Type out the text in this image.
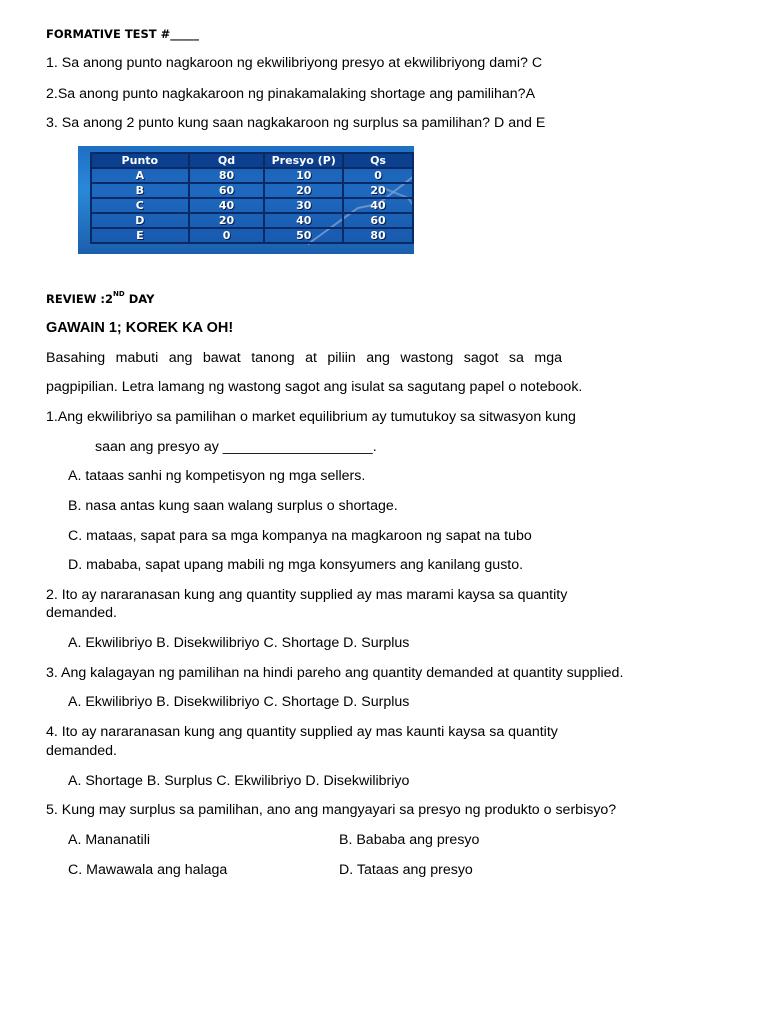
FORMATIVE TEST #_____
1. Sa anong punto nagkaroon ng ekwilibriyong presyo at ekwilibriyong dami? C
2.Sa anong punto nagkakaroon ng pinakamalaking shortage ang pamilihan?A
3. Sa anong 2 punto kung saan nagkakaroon ng surplus sa pamilihan? D and E
Punto	Qd	Presyo (P)	Qs
A	80	10	0
B	60	20	20
C	40	30	40
D	20	40	60
E	0	50	80
REVIEW :2ND DAY
GAWAIN 1; KOREK KA OH!
Basahing mabuti ang bawat tanong at piliin ang wastong sagot sa mga
pagpipilian. Letra lamang ng wastong sagot ang isulat sa sagutang papel o notebook.
1.Ang ekwilibriyo sa pamilihan o market equilibrium ay tumutukoy sa sitwasyon kung
saan ang presyo ay ___________________.
A. tataas sanhi ng kompetisyon ng mga sellers.
B. nasa antas kung saan walang surplus o shortage.
C. mataas, sapat para sa mga kompanya na magkaroon ng sapat na tubo
D. mababa, sapat upang mabili ng mga konsyumers ang kanilang gusto.
2. Ito ay nararanasan kung ang quantity supplied ay mas marami kaysa sa quantity
demanded.
A. Ekwilibriyo B. Disekwilibriyo C. Shortage D. Surplus
3. Ang kalagayan ng pamilihan na hindi pareho ang quantity demanded at quantity supplied.
A. Ekwilibriyo B. Disekwilibriyo C. Shortage D. Surplus
4. Ito ay nararanasan kung ang quantity supplied ay mas kaunti kaysa sa quantity
demanded.
A. Shortage B. Surplus C. Ekwilibriyo D. Disekwilibriyo
5. Kung may surplus sa pamilihan, ano ang mangyayari sa presyo ng produkto o serbisyo?
A. Mananatili	B. Bababa ang presyo
C. Mawawala ang halaga	D. Tataas ang presyo
